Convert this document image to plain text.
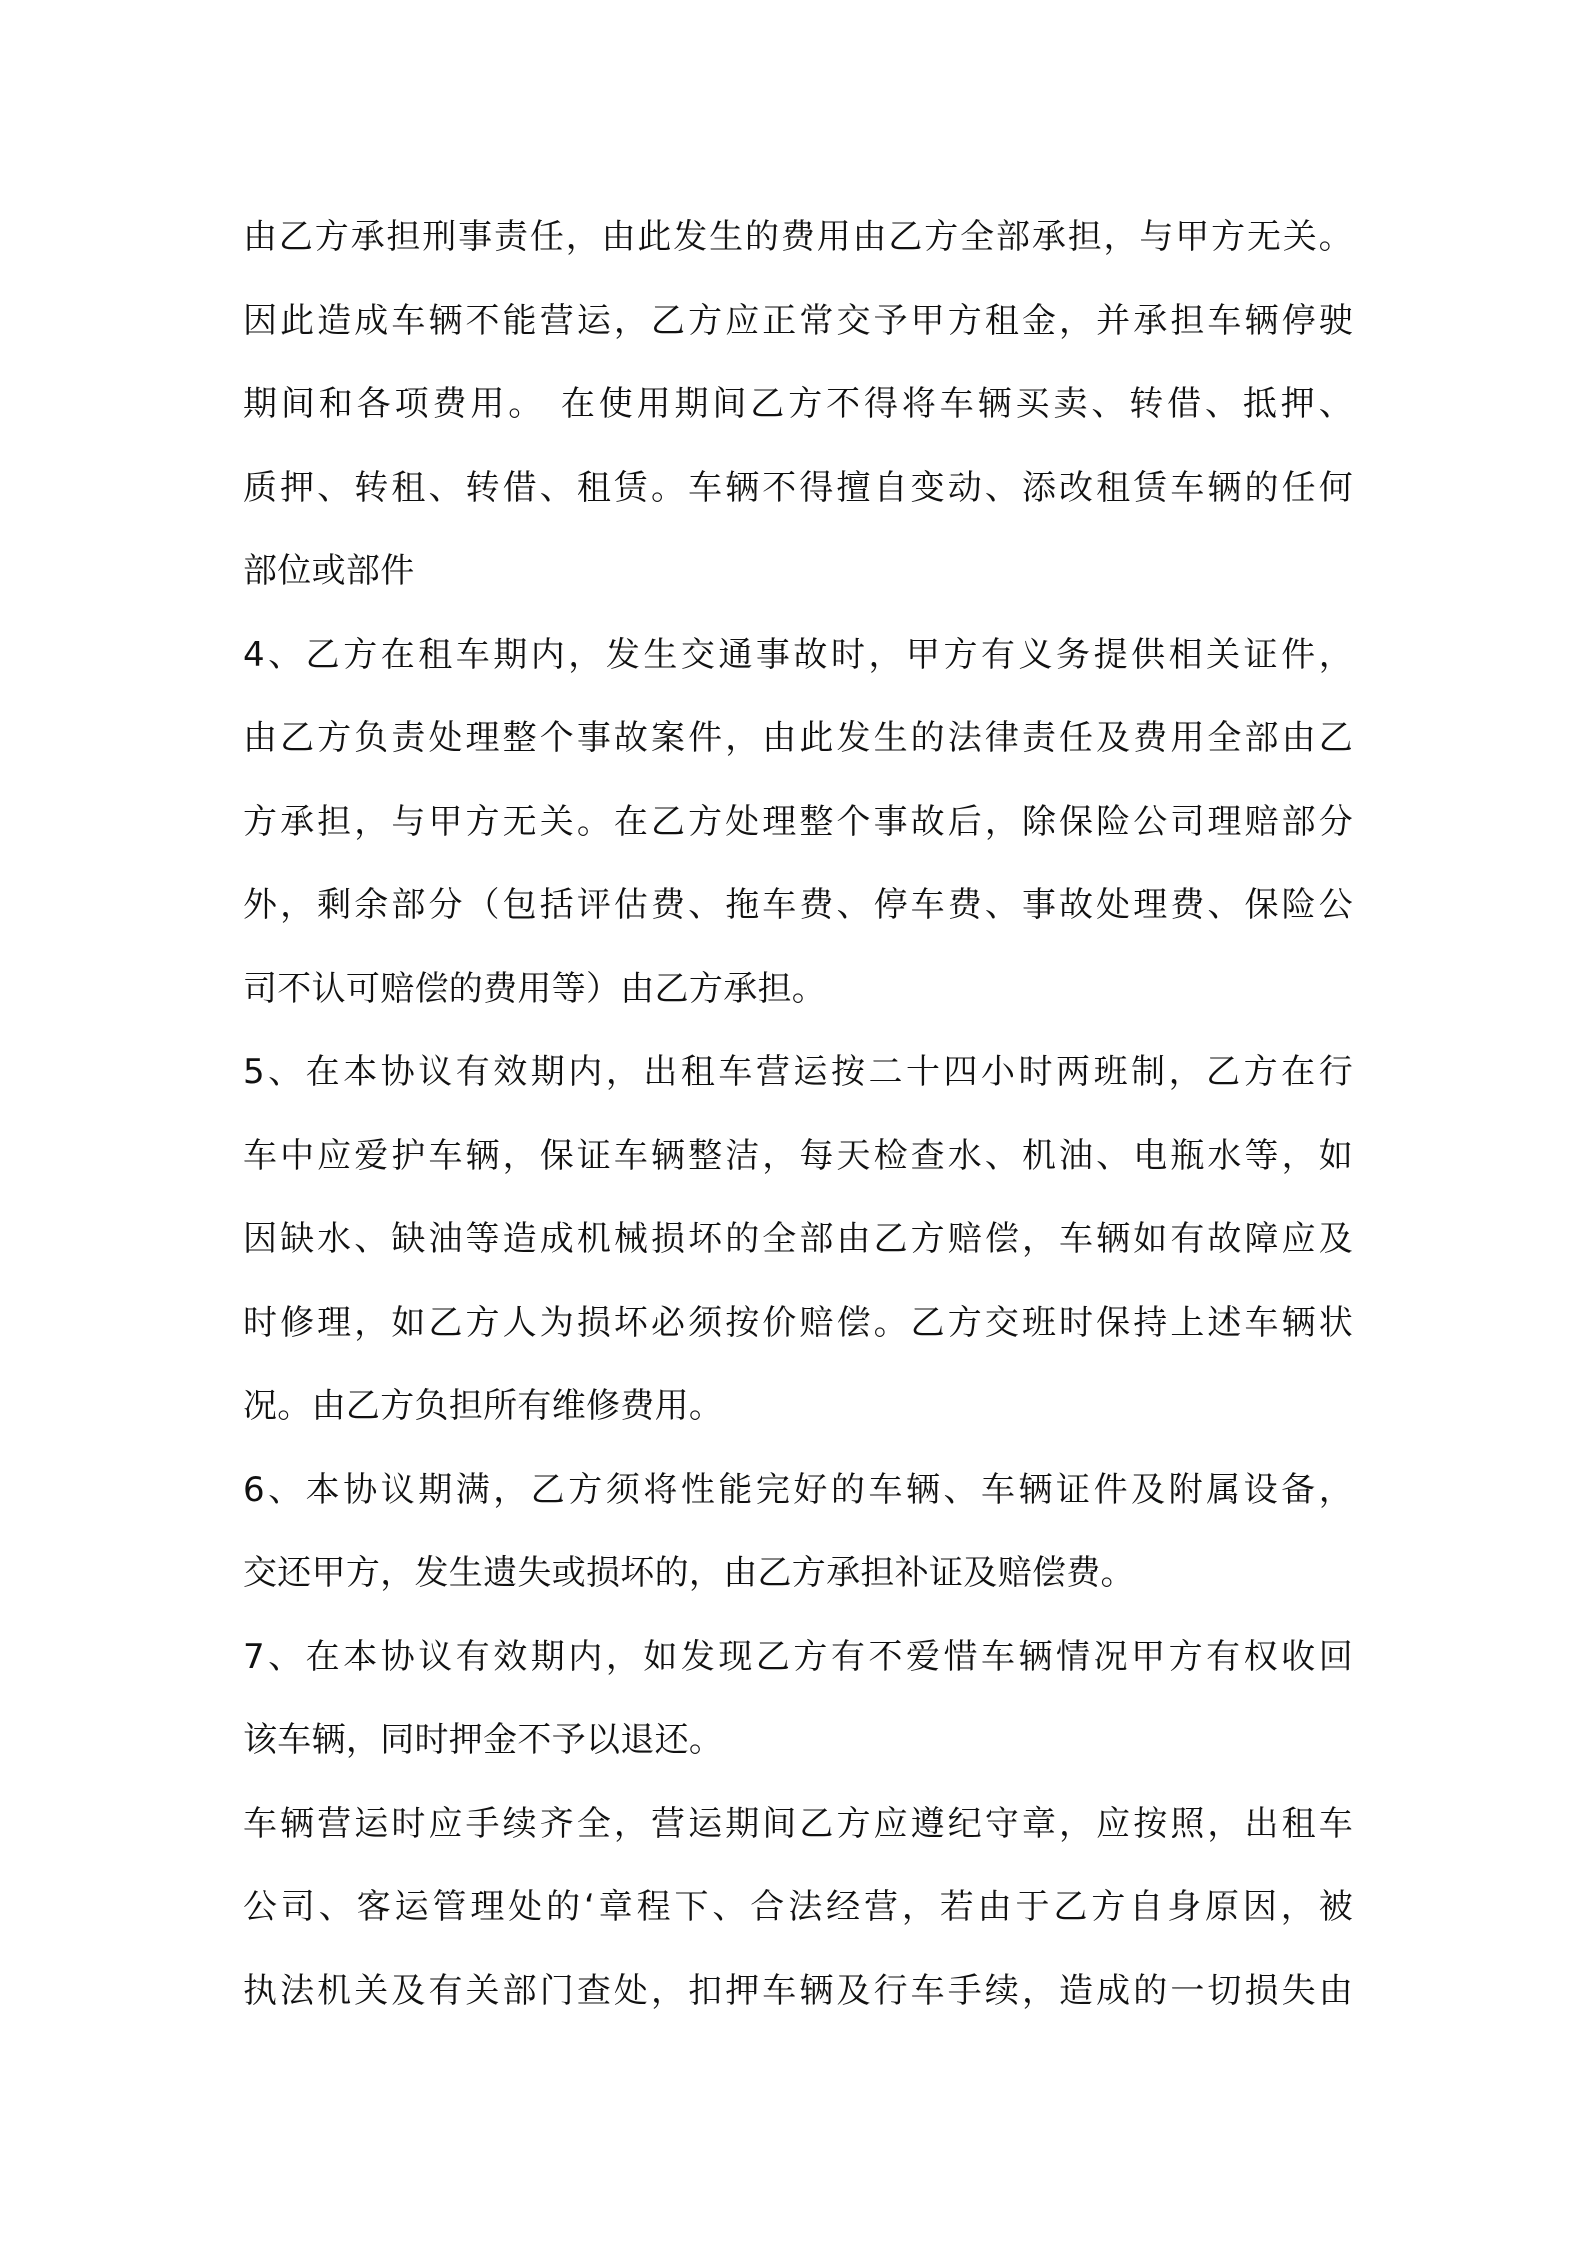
由乙方承担刑事责任，由此发生的费用由乙方全部承担，与甲方无关。
因此造成车辆不能营运，乙方应正常交予甲方租金，并承担车辆停驶
期间和各项费用。 在使用期间乙方不得将车辆买卖、转借、抵押、
质押、转租、转借、租赁。车辆不得擅自变动、添改租赁车辆的任何
部位或部件
4、乙方在租车期内，发生交通事故时，甲方有义务提供相关证件，
由乙方负责处理整个事故案件，由此发生的法律责任及费用全部由乙
方承担，与甲方无关。在乙方处理整个事故后，除保险公司理赔部分
外，剩余部分（包括评估费、拖车费、停车费、事故处理费、保险公
司不认可赔偿的费用等）由乙方承担。
5、在本协议有效期内，出租车营运按二十四小时两班制，乙方在行
车中应爱护车辆，保证车辆整洁，每天检查水、机油、电瓶水等，如
因缺水、缺油等造成机械损坏的全部由乙方赔偿，车辆如有故障应及
时修理，如乙方人为损坏必须按价赔偿。乙方交班时保持上述车辆状
况。由乙方负担所有维修费用。
6、本协议期满，乙方须将性能完好的车辆、车辆证件及附属设备，
交还甲方，发生遗失或损坏的，由乙方承担补证及赔偿费。
7、在本协议有效期内，如发现乙方有不爱惜车辆情况甲方有权收回
该车辆，同时押金不予以退还。
车辆营运时应手续齐全，营运期间乙方应遵纪守章，应按照，出租车
公司、客运管理处的‘章程下、合法经营，若由于乙方自身原因，被
执法机关及有关部门查处，扣押车辆及行车手续，造成的一切损失由
